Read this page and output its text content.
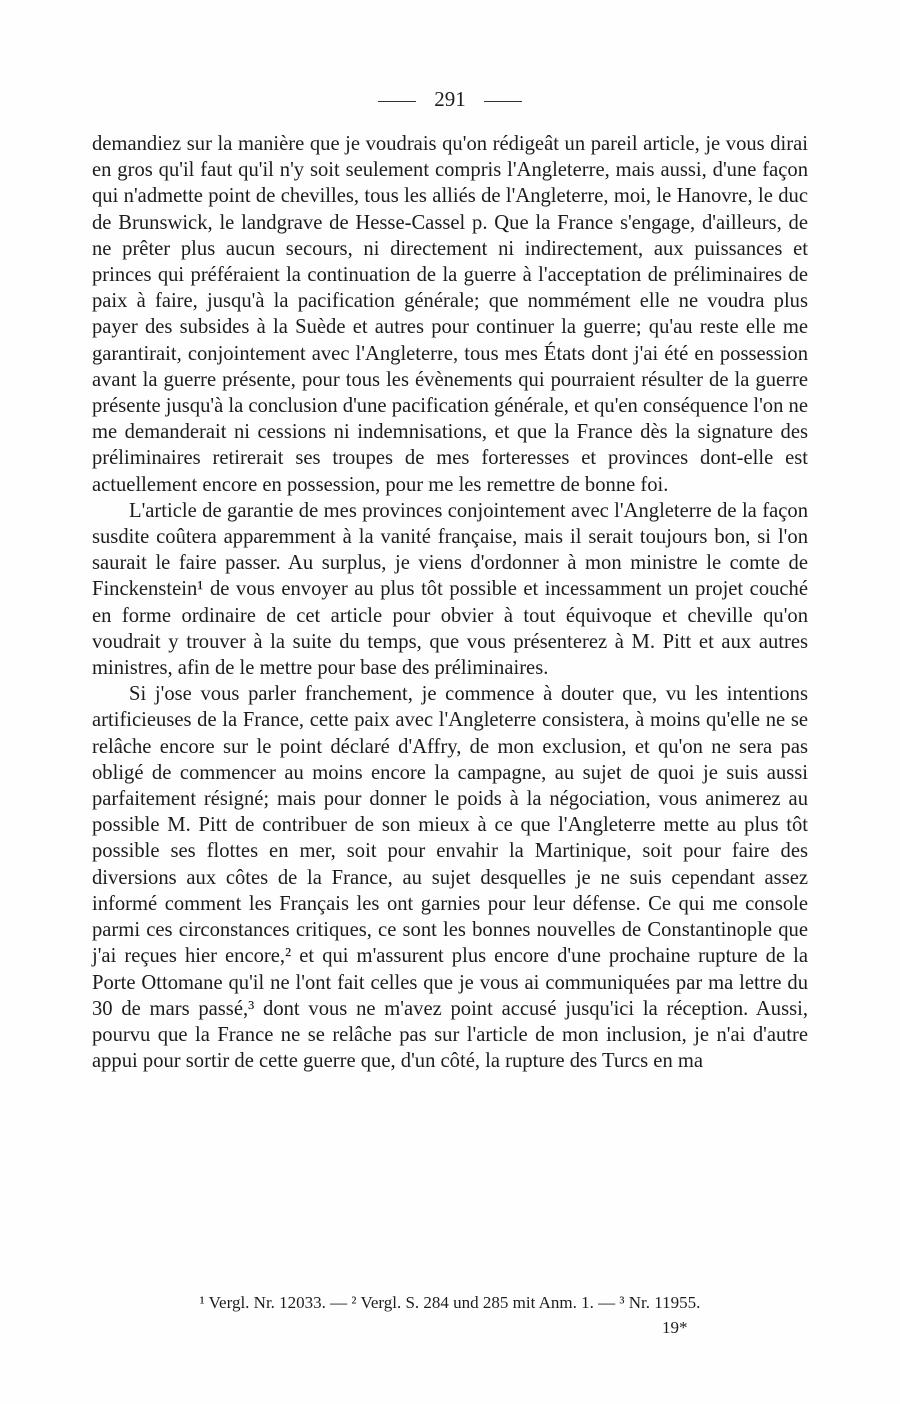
291

demandiez sur la manière que je voudrais qu'on rédigeât un pareil article, je vous dirai en gros qu'il faut qu'il n'y soit seulement compris l'Angleterre, mais aussi, d'une façon qui n'admette point de chevilles, tous les alliés de l'Angleterre, moi, le Hanovre, le duc de Brunswick, le landgrave de Hesse-Cassel p. Que la France s'engage, d'ailleurs, de ne prêter plus aucun secours, ni directement ni indirectement, aux puissances et princes qui préféraient la continuation de la guerre à l'acceptation de préliminaires de paix à faire, jusqu'à la pacification générale; que nommément elle ne voudra plus payer des subsides à la Suède et autres pour continuer la guerre; qu'au reste elle me garantirait, conjointement avec l'Angleterre, tous mes États dont j'ai été en possession avant la guerre présente, pour tous les évènements qui pourraient résulter de la guerre présente jusqu'à la conclusion d'une pacification générale, et qu'en conséquence l'on ne me demanderait ni cessions ni indemnisations, et que la France dès la signature des préliminaires retirerait ses troupes de mes forteresses et provinces dont-elle est actuellement encore en possession, pour me les remettre de bonne foi.

L'article de garantie de mes provinces conjointement avec l'Angleterre de la façon susdite coûtera apparemment à la vanité française, mais il serait toujours bon, si l'on saurait le faire passer. Au surplus, je viens d'ordonner à mon ministre le comte de Finckenstein¹ de vous envoyer au plus tôt possible et incessamment un projet couché en forme ordinaire de cet article pour obvier à tout équivoque et cheville qu'on voudrait y trouver à la suite du temps, que vous présenterez à M. Pitt et aux autres ministres, afin de le mettre pour base des préliminaires.

Si j'ose vous parler franchement, je commence à douter que, vu les intentions artificieuses de la France, cette paix avec l'Angleterre consistera, à moins qu'elle ne se relâche encore sur le point déclaré d'Affry, de mon exclusion, et qu'on ne sera pas obligé de commencer au moins encore la campagne, au sujet de quoi je suis aussi parfaitement résigné; mais pour donner le poids à la négociation, vous animerez au possible M. Pitt de contribuer de son mieux à ce que l'Angleterre mette au plus tôt possible ses flottes en mer, soit pour envahir la Martinique, soit pour faire des diversions aux côtes de la France, au sujet desquelles je ne suis cependant assez informé comment les Français les ont garnies pour leur défense. Ce qui me console parmi ces circonstances critiques, ce sont les bonnes nouvelles de Constantinople que j'ai reçues hier encore,² et qui m'assurent plus encore d'une prochaine rupture de la Porte Ottomane qu'il ne l'ont fait celles que je vous ai communiquées par ma lettre du 30 de mars passé,³ dont vous ne m'avez point accusé jusqu'ici la réception. Aussi, pourvu que la France ne se relâche pas sur l'article de mon inclusion, je n'ai d'autre appui pour sortir de cette guerre que, d'un côté, la rupture des Turcs en ma

¹ Vergl. Nr. 12033. — ² Vergl. S. 284 und 285 mit Anm. 1. — ³ Nr. 11955.
19*
